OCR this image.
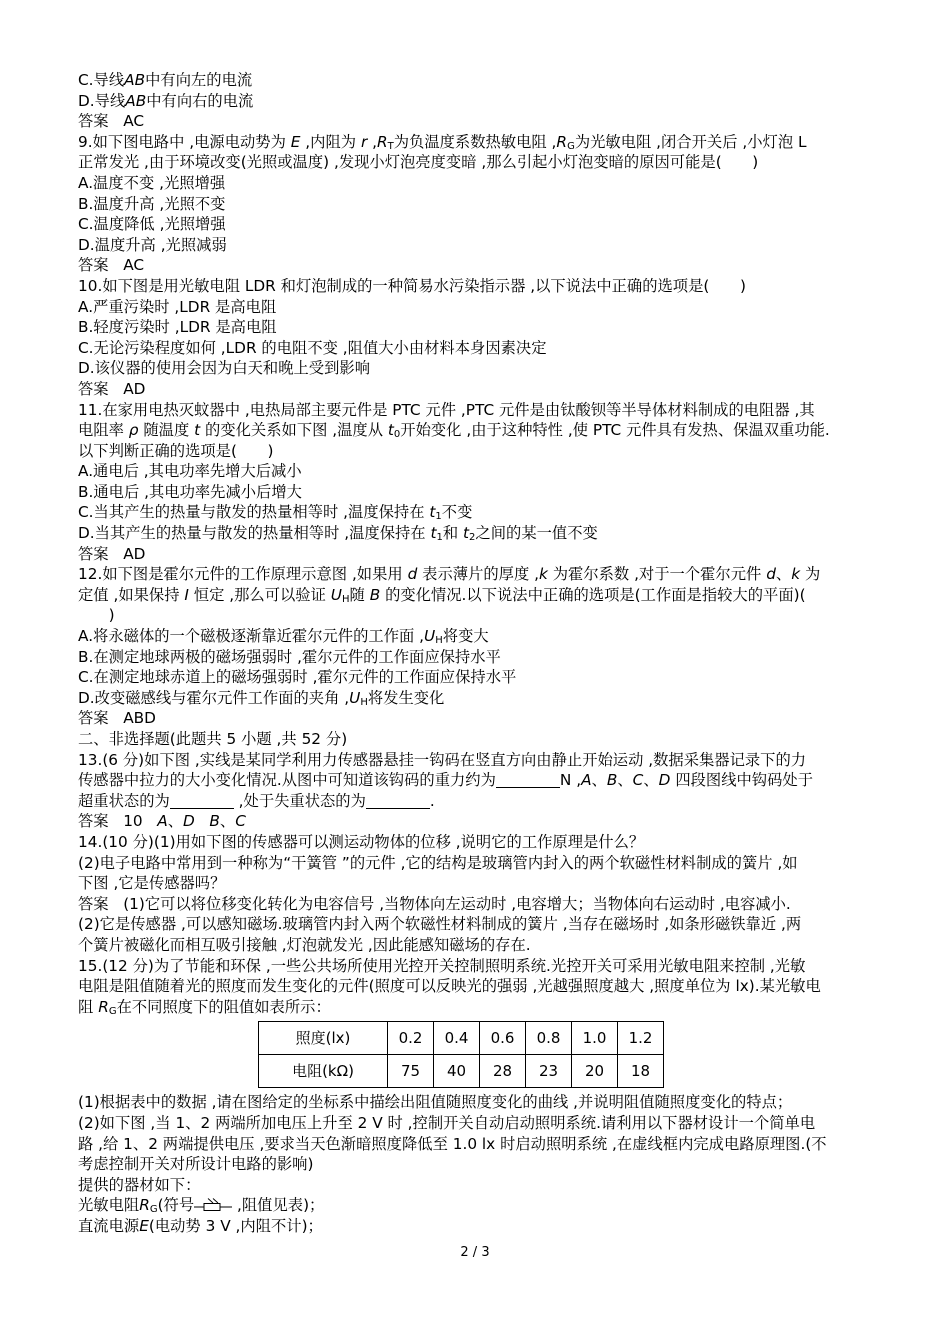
C.导线AB中有向左的电流
D.导线AB中有向右的电流
答案 AC
9.如下图电路中 ,电源电动势为 E ,内阻为 r $,R_T$为负温度系数热敏电阻 $,R_G$为光敏电阻 ,闭合开关后 ,小灯泡 L
正常发光 ,由于环境改变(光照或温度) ,发现小灯泡亮度变暗 ,那么引起小灯泡变暗的原因可能是(　　)
A.温度不变 ,光照增强
B.温度升高 ,光照不变
C.温度降低 ,光照增强
D.温度升高 ,光照减弱
答案 AC
10.如下图是用光敏电阻 LDR 和灯泡制成的一种简易水污染指示器 ,以下说法中正确的选项是(　　)
A.严重污染时 ,LDR 是高电阻
B.轻度污染时 ,LDR 是高电阻
C.无论污染程度如何 ,LDR 的电阻不变 ,阻值大小由材料本身因素决定
D.该仪器的使用会因为白天和晚上受到影响
答案 AD
11.在家用电热灭蚊器中 ,电热局部主要元件是 PTC 元件 ,PTC 元件是由钛酸钡等半导体材料制成的电阻器 ,其
电阻率 ρ 随温度 t 的变化关系如下图 ,温度从 $t_0$开始变化 ,由于这种特性 ,使 PTC 元件具有发热、保温双重功能.
以下判断正确的选项是(　　)
A.通电后 ,其电功率先增大后减小
B.通电后 ,其电功率先减小后增大
C.当其产生的热量与散发的热量相等时 ,温度保持在 $t_1$不变
D.当其产生的热量与散发的热量相等时 ,温度保持在 $t_1$和 $t_2$之间的某一值不变
答案 AD
12.如下图是霍尔元件的工作原理示意图 ,如果用 d 表示薄片的厚度 ,k 为霍尔系数 ,对于一个霍尔元件 d、k 为
定值 ,如果保持 I 恒定 ,那么可以验证 $U_H$随 B 的变化情况.以下说法中正确的选项是(工作面是指较大的平面)(
　　)
A.将永磁体的一个磁极逐渐靠近霍尔元件的工作面 $,U_H$将变大
B.在测定地球两极的磁场强弱时 ,霍尔元件的工作面应保持水平
C.在测定地球赤道上的磁场强弱时 ,霍尔元件的工作面应保持水平
D.改变磁感线与霍尔元件工作面的夹角 $,U_H$将发生变化
答案 ABD
二、非选择题(此题共 5 小题 ,共 52 分)
13.(6 分)如下图 ,实线是某同学利用力传感器悬挂一钩码在竖直方向由静止开始运动 ,数据采集器记录下的力
传感器中拉力的大小变化情况.从图中可知道该钩码的重力约为	N ,A、B、C、D 四段图线中钩码处于
超重状态的为	,处于失重状态的为	.
答案 10 A、D B、C
14.(10 分)(1)用如下图的传感器可以测运动物体的位移 ,说明它的工作原理是什么？
(2)电子电路中常用到一种称为“干簧管 ”的元件 ,它的结构是玻璃管内封入的两个软磁性材料制成的簧片 ,如
下图 ,它是传感器吗？
答案 (1)它可以将位移变化转化为电容信号 ,当物体向左运动时 ,电容增大；当物体向右运动时 ,电容减小.
(2)它是传感器 ,可以感知磁场.玻璃管内封入两个软磁性材料制成的簧片 ,当存在磁场时 ,如条形磁铁靠近 ,两
个簧片被磁化而相互吸引接触 ,灯泡就发光 ,因此能感知磁场的存在.
15.(12 分)为了节能和环保 ,一些公共场所使用光控开关控制照明系统.光控开关可采用光敏电阻来控制 ,光敏
电阻是阻值随着光的照度而发生变化的元件(照度可以反映光的强弱 ,光越强照度越大 ,照度单位为 lx).某光敏电
阻 $R_G$在不同照度下的阻值如表所示：
照度(lx)	0.2	0.4	0.6	0.8	1.0	1.2
电阻(kΩ)	75	40	28	23	20	18
(1)根据表中的数据 ,请在图给定的坐标系中描绘出阻值随照度变化的曲线 ,并说明阻值随照度变化的特点；
(2)如下图 ,当 1、2 两端所加电压上升至 2 V 时 ,控制开关自动启动照明系统.请利用以下器材设计一个简单电
路 ,给 1、2 两端提供电压 ,要求当天色渐暗照度降低至 1.0 lx 时启动照明系统 ,在虚线框内完成电路原理图.(不
考虑控制开关对所设计电路的影响)
提供的器材如下：
光敏电阻$R_G$(符号 ,阻值见表)；
直流电源E(电动势 3 V ,内阻不计)；
2 / 3
